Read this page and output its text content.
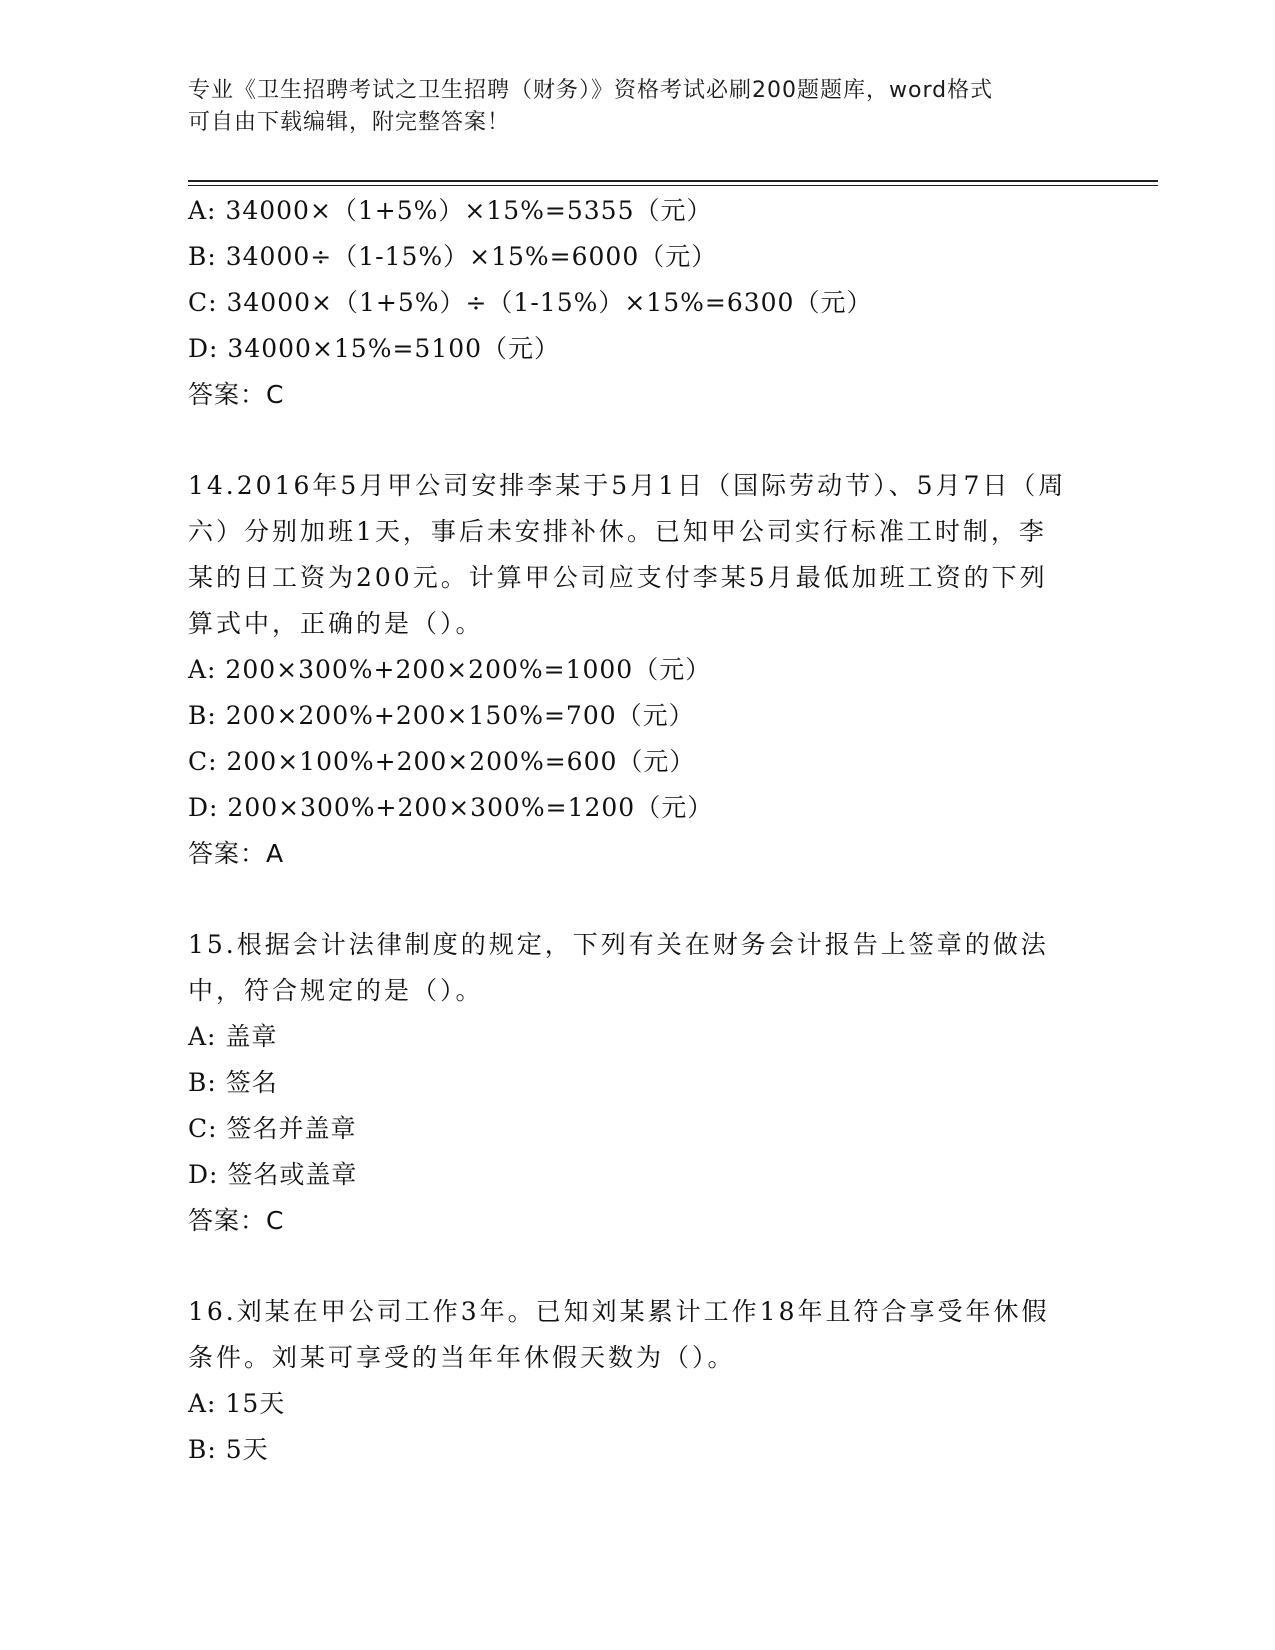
专业《卫生招聘考试之卫生招聘（财务）》资格考试必刷200题题库，word格式

可自由下载编辑，附完整答案！

A: 34000×（1+5%）×15%=5355（元）
B: 34000÷（1-15%）×15%=6000（元）
C: 34000×（1+5%）÷（1-15%）×15%=6300（元）
D: 34000×15%=5100（元）
答案：C
14.2016年5月甲公司安排李某于5月1日（国际劳动节）、5月7日（周六）分别加班1天，事后未安排补休。已知甲公司实行标准工时制，李某的日工资为200元。计算甲公司应支付李某5月最低加班工资的下列算式中，正确的是（）。
A: 200×300%+200×200%=1000（元）
B: 200×200%+200×150%=700（元）
C: 200×100%+200×200%=600（元）
D: 200×300%+200×300%=1200（元）
答案：A
15.根据会计法律制度的规定，下列有关在财务会计报告上签章的做法中，符合规定的是（）。
A: 盖章
B: 签名
C: 签名并盖章
D: 签名或盖章
答案：C
16.刘某在甲公司工作3年。已知刘某累计工作18年且符合享受年休假条件。刘某可享受的当年年休假天数为（）。
A: 15天
B: 5天
